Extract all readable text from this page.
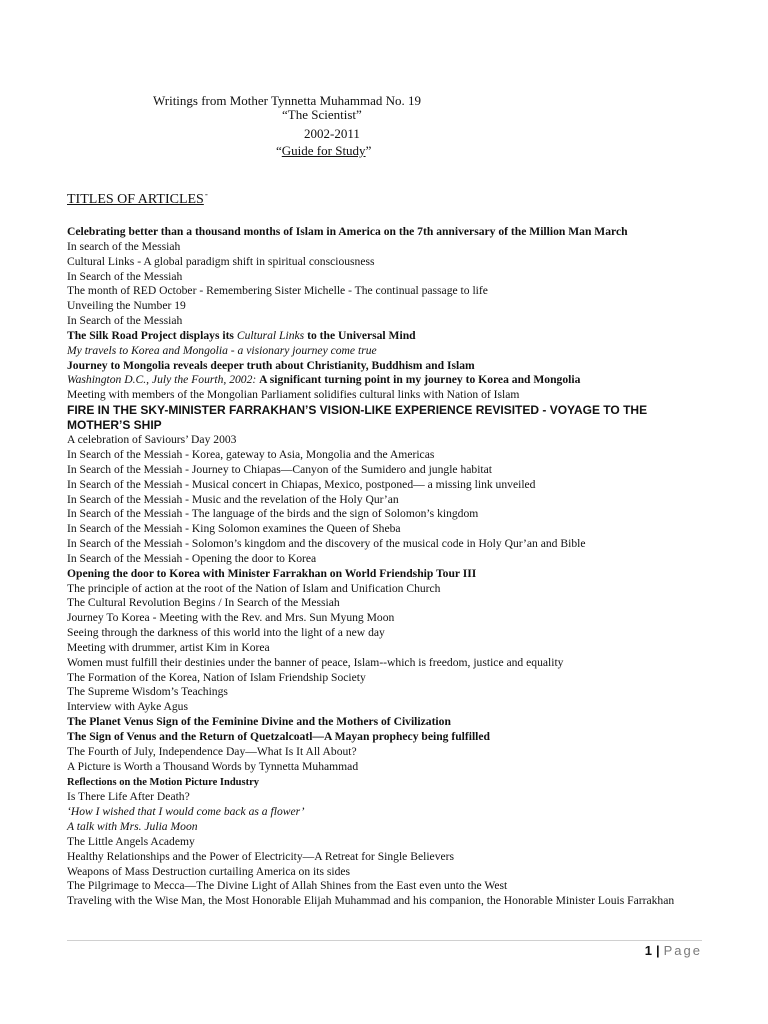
Writings from Mother Tynnetta Muhammad No. 19
“The Scientist”
2002-2011
“Guide for Study”
TITLES OF ARTICLES -
Celebrating better than a thousand months of Islam in America on the 7th anniversary of the Million Man March
In search of the Messiah
Cultural Links - A global paradigm shift in spiritual consciousness
In Search of the Messiah
The month of RED October - Remembering Sister Michelle - The continual passage to life
Unveiling the Number 19
In Search of the Messiah
The Silk Road Project displays its Cultural Links to the Universal Mind
My travels to Korea and Mongolia - a visionary journey come true
Journey to Mongolia reveals deeper truth about Christianity, Buddhism and Islam
Washington D.C., July the Fourth, 2002: A significant turning point in my journey to Korea and Mongolia
Meeting with members of the Mongolian Parliament solidifies cultural links with Nation of Islam
FIRE IN THE SKY-MINISTER FARRAKHAN’S VISION-LIKE EXPERIENCE REVISITED - VOYAGE TO THE MOTHER’S SHIP
A celebration of Saviours’ Day 2003
In Search of the Messiah - Korea, gateway to Asia, Mongolia and the Americas
In Search of the Messiah - Journey to Chiapas—Canyon of the Sumidero and jungle habitat
In Search of the Messiah - Musical concert in Chiapas, Mexico, postponed— a missing link unveiled
In Search of the Messiah - Music and the revelation of the Holy Qur’an
In Search of the Messiah - The language of the birds and the sign of Solomon’s kingdom
In Search of the Messiah - King Solomon examines the Queen of Sheba
In Search of the Messiah - Solomon’s kingdom and the discovery of the musical code in Holy Qur’an and Bible
In Search of the Messiah - Opening the door to Korea
Opening the door to Korea with Minister Farrakhan on World Friendship Tour III
The principle of action at the root of the Nation of Islam and Unification Church
The Cultural Revolution Begins / In Search of the Messiah
Journey To Korea - Meeting with the Rev. and Mrs. Sun Myung Moon
Seeing through the darkness of this world into the light of a new day
Meeting with drummer, artist Kim in Korea
Women must fulfill their destinies under the banner of peace, Islam--which is freedom, justice and equality
The Formation of the Korea, Nation of Islam Friendship Society
The Supreme Wisdom’s Teachings
Interview with Ayke Agus
The Planet Venus Sign of the Feminine Divine and the Mothers of Civilization
The Sign of Venus and the Return of Quetzalcoatl—A Mayan prophecy being fulfilled
The Fourth of July, Independence Day—What Is It All About?
A Picture is Worth a Thousand Words by Tynnetta Muhammad
Reflections on the Motion Picture Industry
Is There Life After Death?
‘How I wished that I would come back as a flower’
A talk with Mrs. Julia Moon
The Little Angels Academy
Healthy Relationships and the Power of Electricity—A Retreat for Single Believers
Weapons of Mass Destruction curtailing America on its sides
The Pilgrimage to Mecca—The Divine Light of Allah Shines from the East even unto the West
Traveling with the Wise Man, the Most Honorable Elijah Muhammad and his companion, the Honorable Minister Louis Farrakhan
1 | Page
